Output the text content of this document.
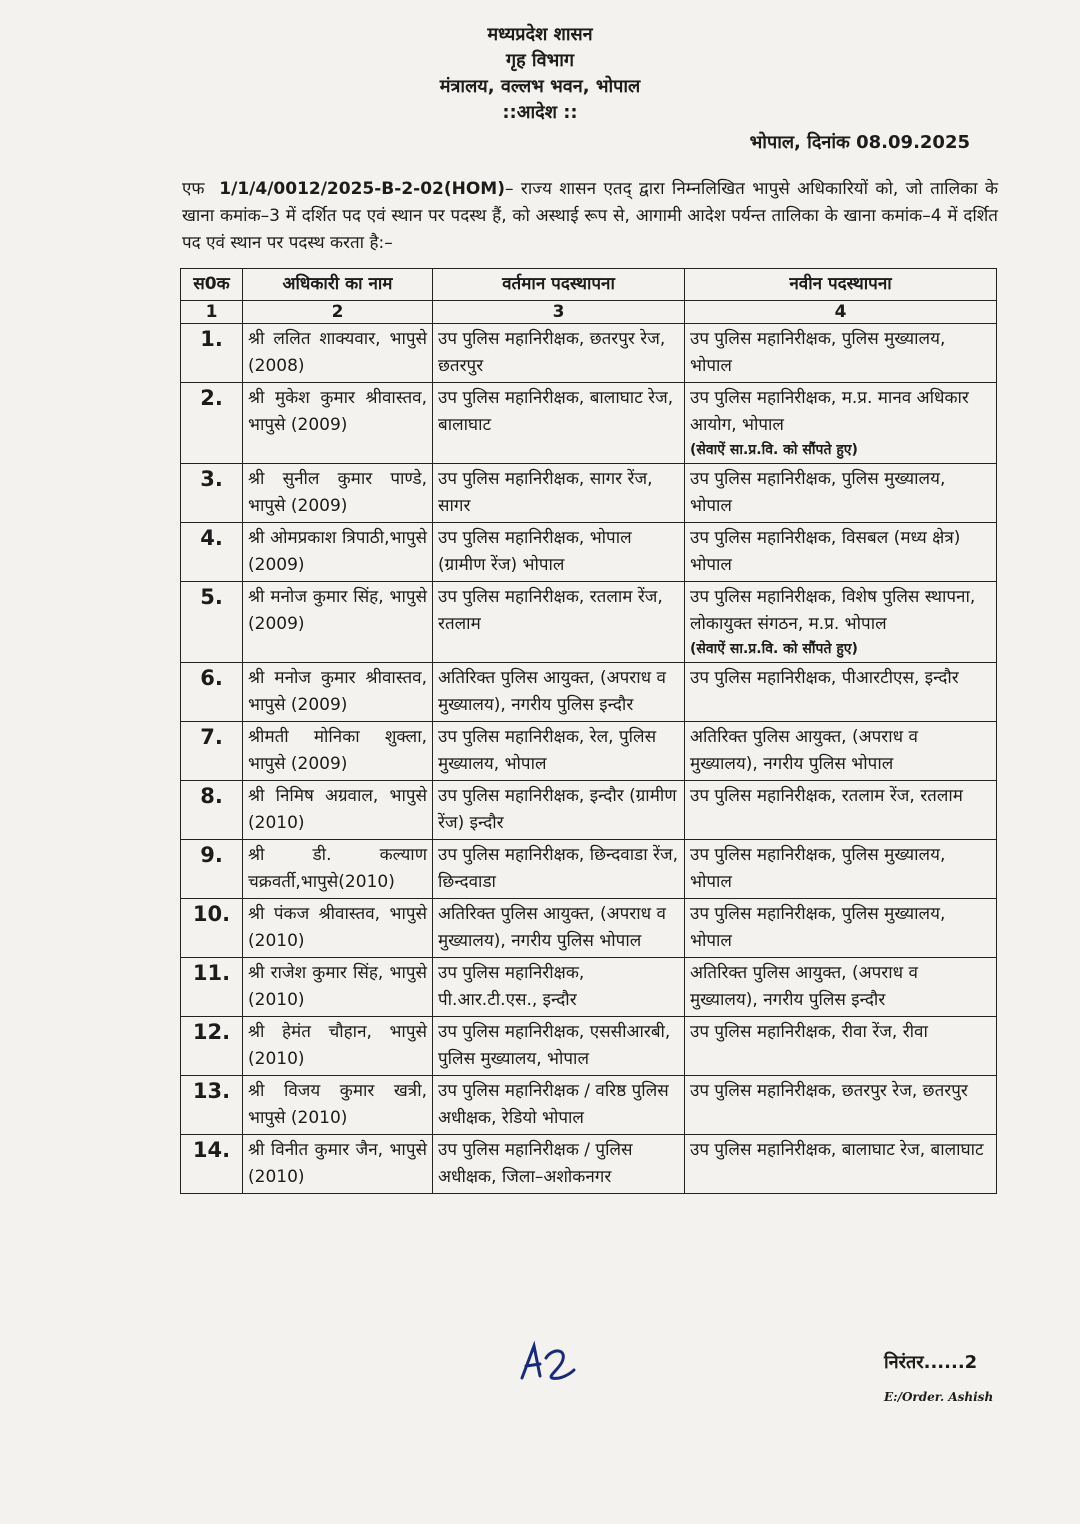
मध्यप्रदेश शासन
गृह विभाग
मंत्रालय, वल्लभ भवन, भोपाल
::आदेश ::
भोपाल, दिनांक 08.09.2025
एफ 1/1/4/0012/2025-B-2-02(HOM)– राज्य शासन एतद् द्वारा निम्नलिखित भापुसे अधिकारियों को, जो तालिका के खाना कमांक–3 में दर्शित पद एवं स्थान पर पदस्थ हैं, को अस्थाई रूप से, आगामी आदेश पर्यन्त तालिका के खाना कमांक–4 में दर्शित पद एवं स्थान पर पदस्थ करता है:–
स0क	अधिकारी का नाम	वर्तमान पदस्थापना	नवीन पदस्थापना
1	2	3	4
1.	श्री ललित शाक्यवार, भापुसे (2008)	उप पुलिस महानिरीक्षक, छतरपुर रेज, छतरपुर	उप पुलिस महानिरीक्षक, पुलिस मुख्यालय, भोपाल
2.	श्री मुकेश कुमार श्रीवास्तव, भापुसे (2009)	उप पुलिस महानिरीक्षक, बालाघाट रेज, बालाघाट	उप पुलिस महानिरीक्षक, म.प्र. मानव अधिकार आयोग, भोपाल
(सेवाऐं सा.प्र.वि. को सौंपते हुए)

3.	श्री सुनील कुमार पाण्डे, भापुसे (2009)	उप पुलिस महानिरीक्षक, सागर रेंज, सागर	उप पुलिस महानिरीक्षक, पुलिस मुख्यालय, भोपाल
4.	श्री ओमप्रकाश त्रिपाठी,भापुसे (2009)	उप पुलिस महानिरीक्षक, भोपाल (ग्रामीण रेंज) भोपाल	उप पुलिस महानिरीक्षक, विसबल (मध्य क्षेत्र) भोपाल
5.	श्री मनोज कुमार सिंह, भापुसे (2009)	उप पुलिस महानिरीक्षक, रतलाम रेंज, रतलाम	उप पुलिस महानिरीक्षक, विशेष पुलिस स्थापना, लोकायुक्त संगठन, म.प्र. भोपाल
(सेवाऐं सा.प्र.वि. को सौंपते हुए)

6.	श्री मनोज कुमार श्रीवास्तव, भापुसे (2009)	अतिरिक्त पुलिस आयुक्त, (अपराध व मुख्यालय), नगरीय पुलिस इन्दौर	उप पुलिस महानिरीक्षक, पीआरटीएस, इन्दौर
7.	श्रीमती मोनिका शुक्ला, भापुसे (2009)	उप पुलिस महानिरीक्षक, रेल, पुलिस मुख्यालय, भोपाल	अतिरिक्त पुलिस आयुक्त, (अपराध व मुख्यालय), नगरीय पुलिस भोपाल
8.	श्री निमिष अग्रवाल, भापुसे (2010)	उप पुलिस महानिरीक्षक, इन्दौर (ग्रामीण रेंज) इन्दौर	उप पुलिस महानिरीक्षक, रतलाम रेंज, रतलाम
9.	श्री डी. कल्याण चक्रवर्ती,भापुसे(2010)	उप पुलिस महानिरीक्षक, छिन्दवाडा रेंज, छिन्दवाडा	उप पुलिस महानिरीक्षक, पुलिस मुख्यालय, भोपाल
10.	श्री पंकज श्रीवास्तव, भापुसे (2010)	अतिरिक्त पुलिस आयुक्त, (अपराध व मुख्यालय), नगरीय पुलिस भोपाल	उप पुलिस महानिरीक्षक, पुलिस मुख्यालय, भोपाल
11.	श्री राजेश कुमार सिंह, भापुसे (2010)	उप पुलिस महानिरीक्षक, पी.आर.टी.एस., इन्दौर	अतिरिक्त पुलिस आयुक्त, (अपराध व मुख्यालय), नगरीय पुलिस इन्दौर
12.	श्री हेमंत चौहान, भापुसे (2010)	उप पुलिस महानिरीक्षक, एससीआरबी, पुलिस मुख्यालय, भोपाल	उप पुलिस महानिरीक्षक, रीवा रेंज, रीवा
13.	श्री विजय कुमार खत्री, भापुसे (2010)	उप पुलिस महानिरीक्षक / वरिष्ठ पुलिस अधीक्षक, रेडियो भोपाल	उप पुलिस महानिरीक्षक, छतरपुर रेज, छतरपुर
14.	श्री विनीत कुमार जैन, भापुसे (2010)	उप पुलिस महानिरीक्षक / पुलिस अधीक्षक, जिला–अशोकनगर	उप पुलिस महानिरीक्षक, बालाघाट रेज, बालाघाट
निरंतर......2
E:/Order. Ashish
